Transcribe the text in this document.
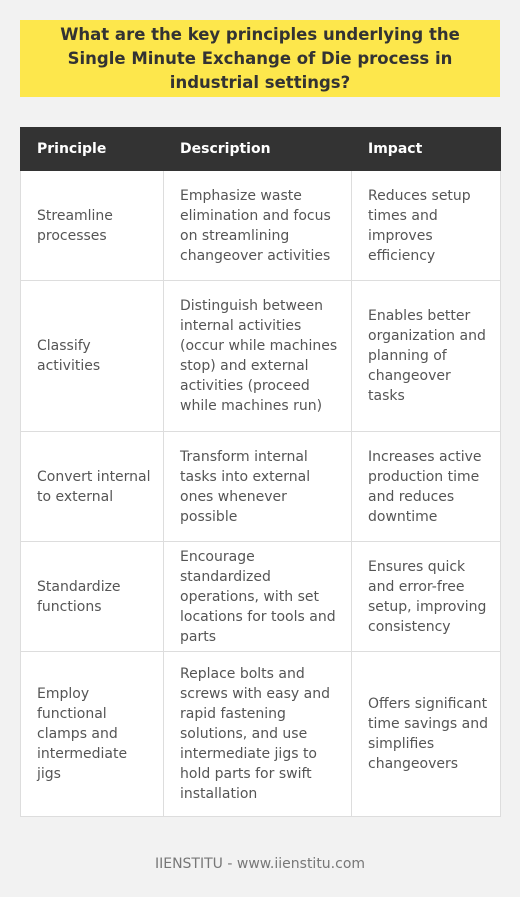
What are the key principles underlying the Single Minute Exchange of Die process in industrial settings?
Principle	Description	Impact
Streamline processes	Emphasize waste elimination and focus on streamlining changeover activities	Reduces setup times and improves efficiency
Classify activities	Distinguish between internal activities (occur while machines stop) and external activities (proceed while machines run)	Enables better organization and planning of changeover tasks
Convert internal to external	Transform internal tasks into external ones whenever possible	Increases active production time and reduces downtime
Standardize functions	Encourage standardized operations, with set locations for tools and parts	Ensures quick and error-free setup, improving consistency
Employ functional clamps and intermediate jigs	Replace bolts and screws with easy and rapid fastening solutions, and use intermediate jigs to hold parts for swift installation	Offers significant time savings and simplifies changeovers
IIENSTITU - www.iienstitu.com
